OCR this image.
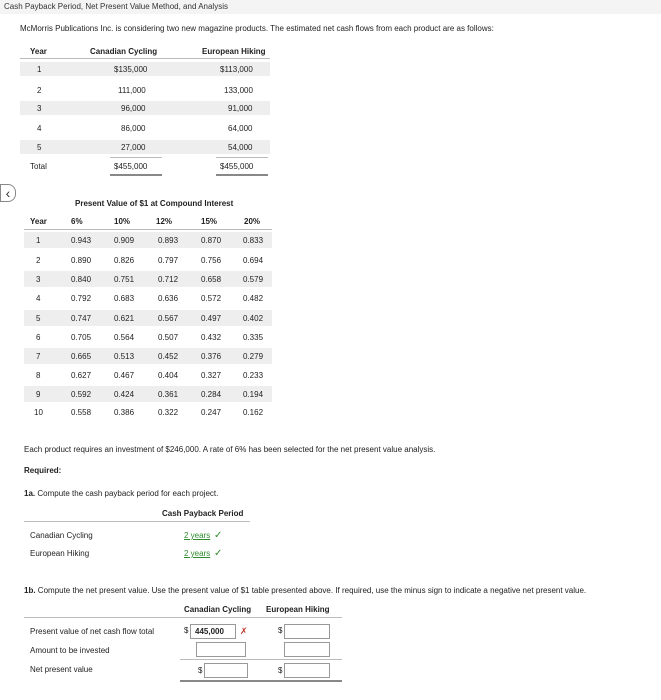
Cash Payback Period, Net Present Value Method, and Analysis
McMorris Publications Inc. is considering two new magazine products. The estimated net cash flows from each product are as follows:
Year	Canadian Cycling	European Hiking
1	$135,000	$113,000
2	111,000	133,000
3	96,000	91,000
4	86,000	64,000
5	27,000	54,000
Total	$455,000	$455,000
‹
Present Value of $1 at Compound Interest
Year	6%	10%	12%	15%	20%
1	0.943	0.909	0.893	0.870	0.833
2	0.890	0.826	0.797	0.756	0.694
3	0.840	0.751	0.712	0.658	0.579
4	0.792	0.683	0.636	0.572	0.482
5	0.747	0.621	0.567	0.497	0.402
6	0.705	0.564	0.507	0.432	0.335
7	0.665	0.513	0.452	0.376	0.279
8	0.627	0.467	0.404	0.327	0.233
9	0.592	0.424	0.361	0.284	0.194
10	0.558	0.386	0.322	0.247	0.162
Each product requires an investment of $246,000. A rate of 6% has been selected for the net present value analysis.
Required:
1a. Compute the cash payback period for each project.
Cash Payback Period
Canadian Cycling	2 years ✓
European Hiking	2 years ✓
1b. Compute the net present value. Use the present value of $1 table presented above. If required, use the minus sign to indicate a negative net present value.
Canadian Cycling European Hiking
Present value of net cash flow total	$ 445,000	✗	$
Amount to be invested
Net present value	$	$
